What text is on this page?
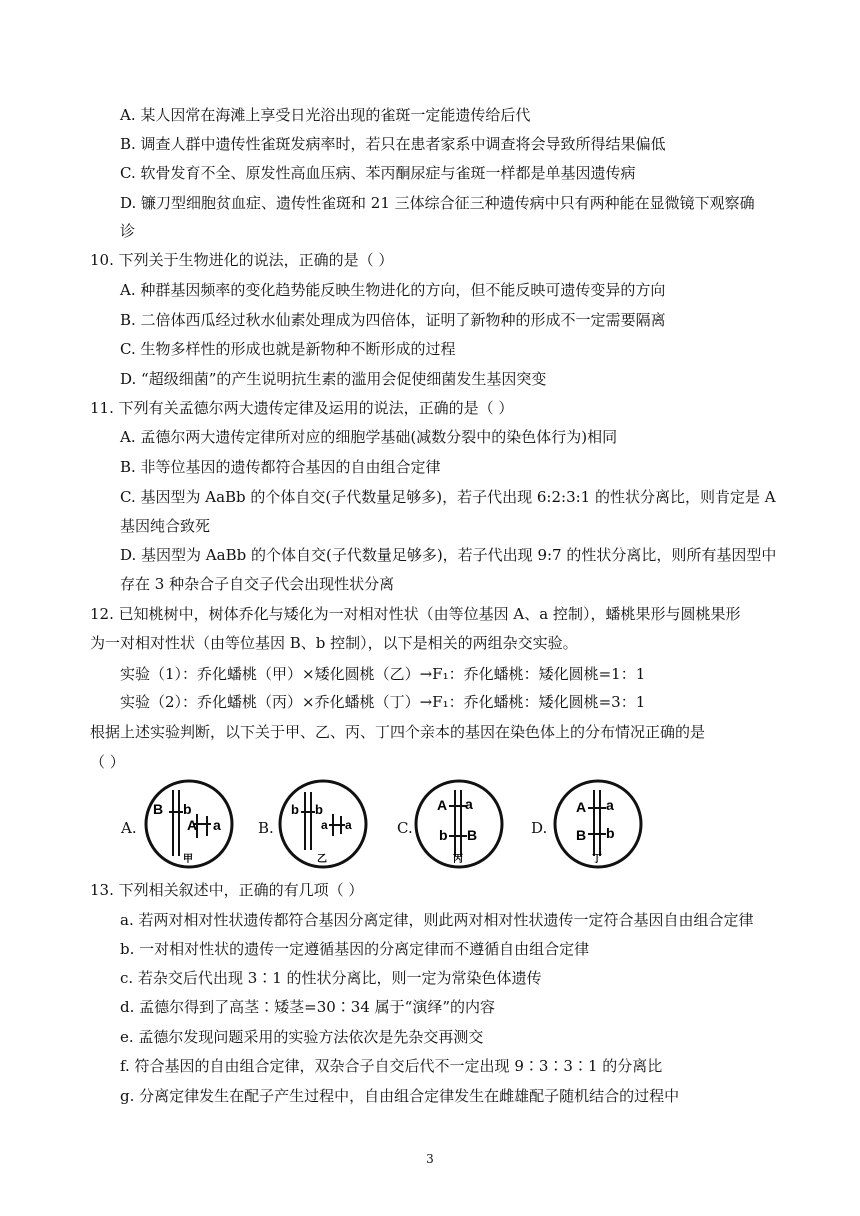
A. 某人因常在海滩上享受日光浴出现的雀斑一定能遗传给后代
B. 调查人群中遗传性雀斑发病率时，若只在患者家系中调查将会导致所得结果偏低
C. 软骨发育不全、原发性高血压病、苯丙酮尿症与雀斑一样都是单基因遗传病
D. 镰刀型细胞贫血症、遗传性雀斑和 21 三体综合征三种遗传病中只有两种能在显微镜下观察确
诊
10. 下列关于生物进化的说法，正确的是（ ）
A. 种群基因频率的变化趋势能反映生物进化的方向，但不能反映可遗传变异的方向
B. 二倍体西瓜经过秋水仙素处理成为四倍体，证明了新物种的形成不一定需要隔离
C. 生物多样性的形成也就是新物种不断形成的过程
D. “超级细菌”的产生说明抗生素的滥用会促使细菌发生基因突变
11. 下列有关孟德尔两大遗传定律及运用的说法，正确的是（ ）
A. 孟德尔两大遗传定律所对应的细胞学基础(减数分裂中的染色体行为)相同
B. 非等位基因的遗传都符合基因的自由组合定律
C. 基因型为 AaBb 的个体自交(子代数量足够多)，若子代出现 6:2:3:1 的性状分离比，则肯定是 A
基因纯合致死
D. 基因型为 AaBb 的个体自交(子代数量足够多)，若子代出现 9:7 的性状分离比，则所有基因型中
存在 3 种杂合子自交子代会出现性状分离
12. 已知桃树中，树体乔化与矮化为一对相对性状（由等位基因 A、a 控制），蟠桃果形与圆桃果形
为一对相对性状（由等位基因 B、b 控制），以下是相关的两组杂交实验。
实验（1）：乔化蟠桃（甲）×矮化圆桃（乙）→F₁：乔化蟠桃：矮化圆桃=1：1
实验（2）：乔化蟠桃（丙）×乔化蟠桃（丁）→F₁：乔化蟠桃：矮化圆桃=3：1
根据上述实验判断，以下关于甲、乙、丙、丁四个亲本的基因在染色体上的分布情况正确的是
（ ）
A.	B.	C.	D.
B b
A a
甲
b b
a a
乙
A a
b B
丙
A a
B b
丁
13. 下列相关叙述中，正确的有几项（ ）
a. 若两对相对性状遗传都符合基因分离定律，则此两对相对性状遗传一定符合基因自由组合定律
b. 一对相对性状的遗传一定遵循基因的分离定律而不遵循自由组合定律
c. 若杂交后代出现 3∶1 的性状分离比，则一定为常染色体遗传
d. 孟德尔得到了高茎∶矮茎=30∶34 属于“演绎”的内容
e. 孟德尔发现问题采用的实验方法依次是先杂交再测交
f. 符合基因的自由组合定律，双杂合子自交后代不一定出现 9∶3∶3∶1 的分离比
g. 分离定律发生在配子产生过程中，自由组合定律发生在雌雄配子随机结合的过程中
3
